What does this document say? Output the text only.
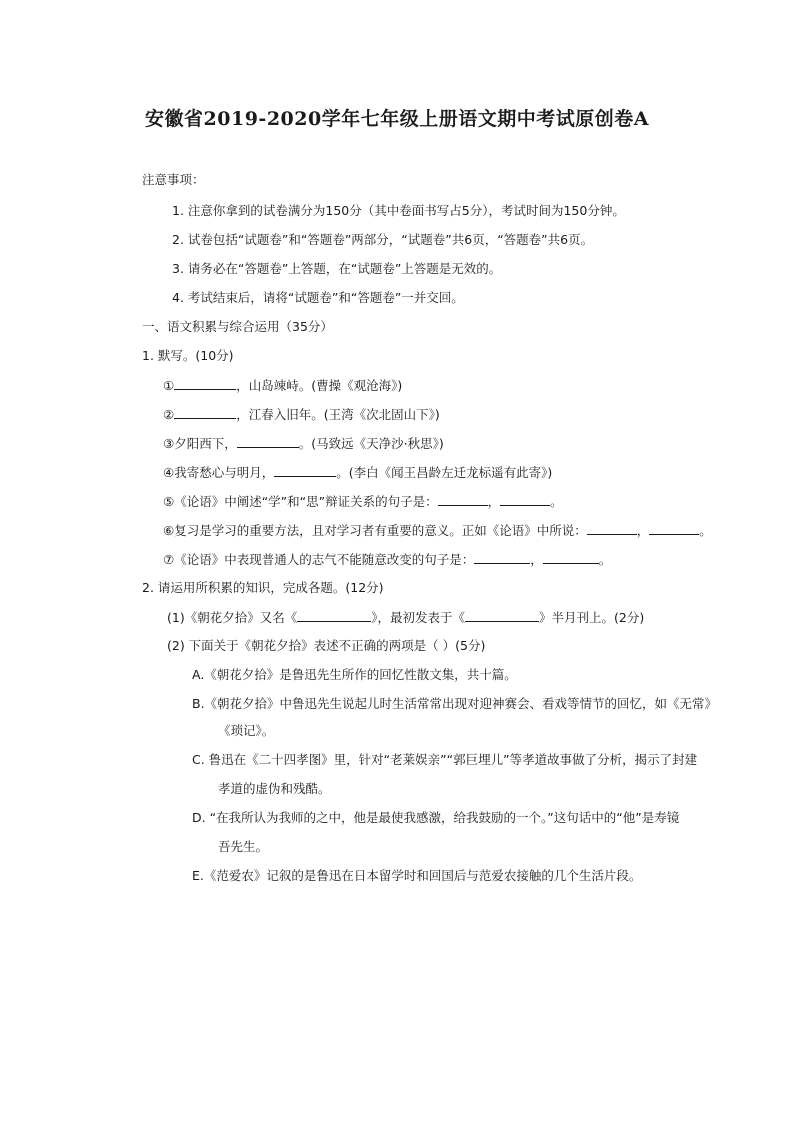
安徽省2019-2020学年七年级上册语文期中考试原创卷A
注意事项：
1. 注意你拿到的试卷满分为150分（其中卷面书写占5分），考试时间为150分钟。
2. 试卷包括“试题卷”和“答题卷”两部分，“试题卷”共6页，“答题卷”共6页。
3. 请务必在“答题卷”上答题，在“试题卷”上答题是无效的。
4. 考试结束后，请将“试题卷”和“答题卷”一并交回。
一、语文积累与综合运用（35分）
1. 默写。(10分)
①	，山岛竦峙。(曹操《观沧海》)
②	，江春入旧年。(王湾《次北固山下》)
③夕阳西下，	。(马致远《天净沙·秋思》)
④我寄愁心与明月，	。(李白《闻王昌龄左迁龙标遥有此寄》)
⑤《论语》中阐述“学”和“思”辩证关系的句子是：	，	。
⑥复习是学习的重要方法，且对学习者有重要的意义。正如《论语》中所说：	，	。
⑦《论语》中表现普通人的志气不能随意改变的句子是：	，	。
2. 请运用所积累的知识，完成各题。(12分)
(1)《朝花夕拾》又名《	》，最初发表于《	》半月刊上。(2分)
(2) 下面关于《朝花夕拾》表述不正确的两项是（ ）(5分)
A.《朝花夕拾》是鲁迅先生所作的回忆性散文集，共十篇。
B.《朝花夕拾》中鲁迅先生说起儿时生活常常出现对迎神赛会、看戏等情节的回忆，如《无常》
《琐记》。
C. 鲁迅在《二十四孝图》里，针对“老莱娱亲”“郭巨埋儿”等孝道故事做了分析，揭示了封建
孝道的虚伪和残酷。
D. “在我所认为我师的之中，他是最使我感激，给我鼓励的一个。”这句话中的“他”是寿镜
吾先生。
E.《范爱农》记叙的是鲁迅在日本留学时和回国后与范爱农接触的几个生活片段。
